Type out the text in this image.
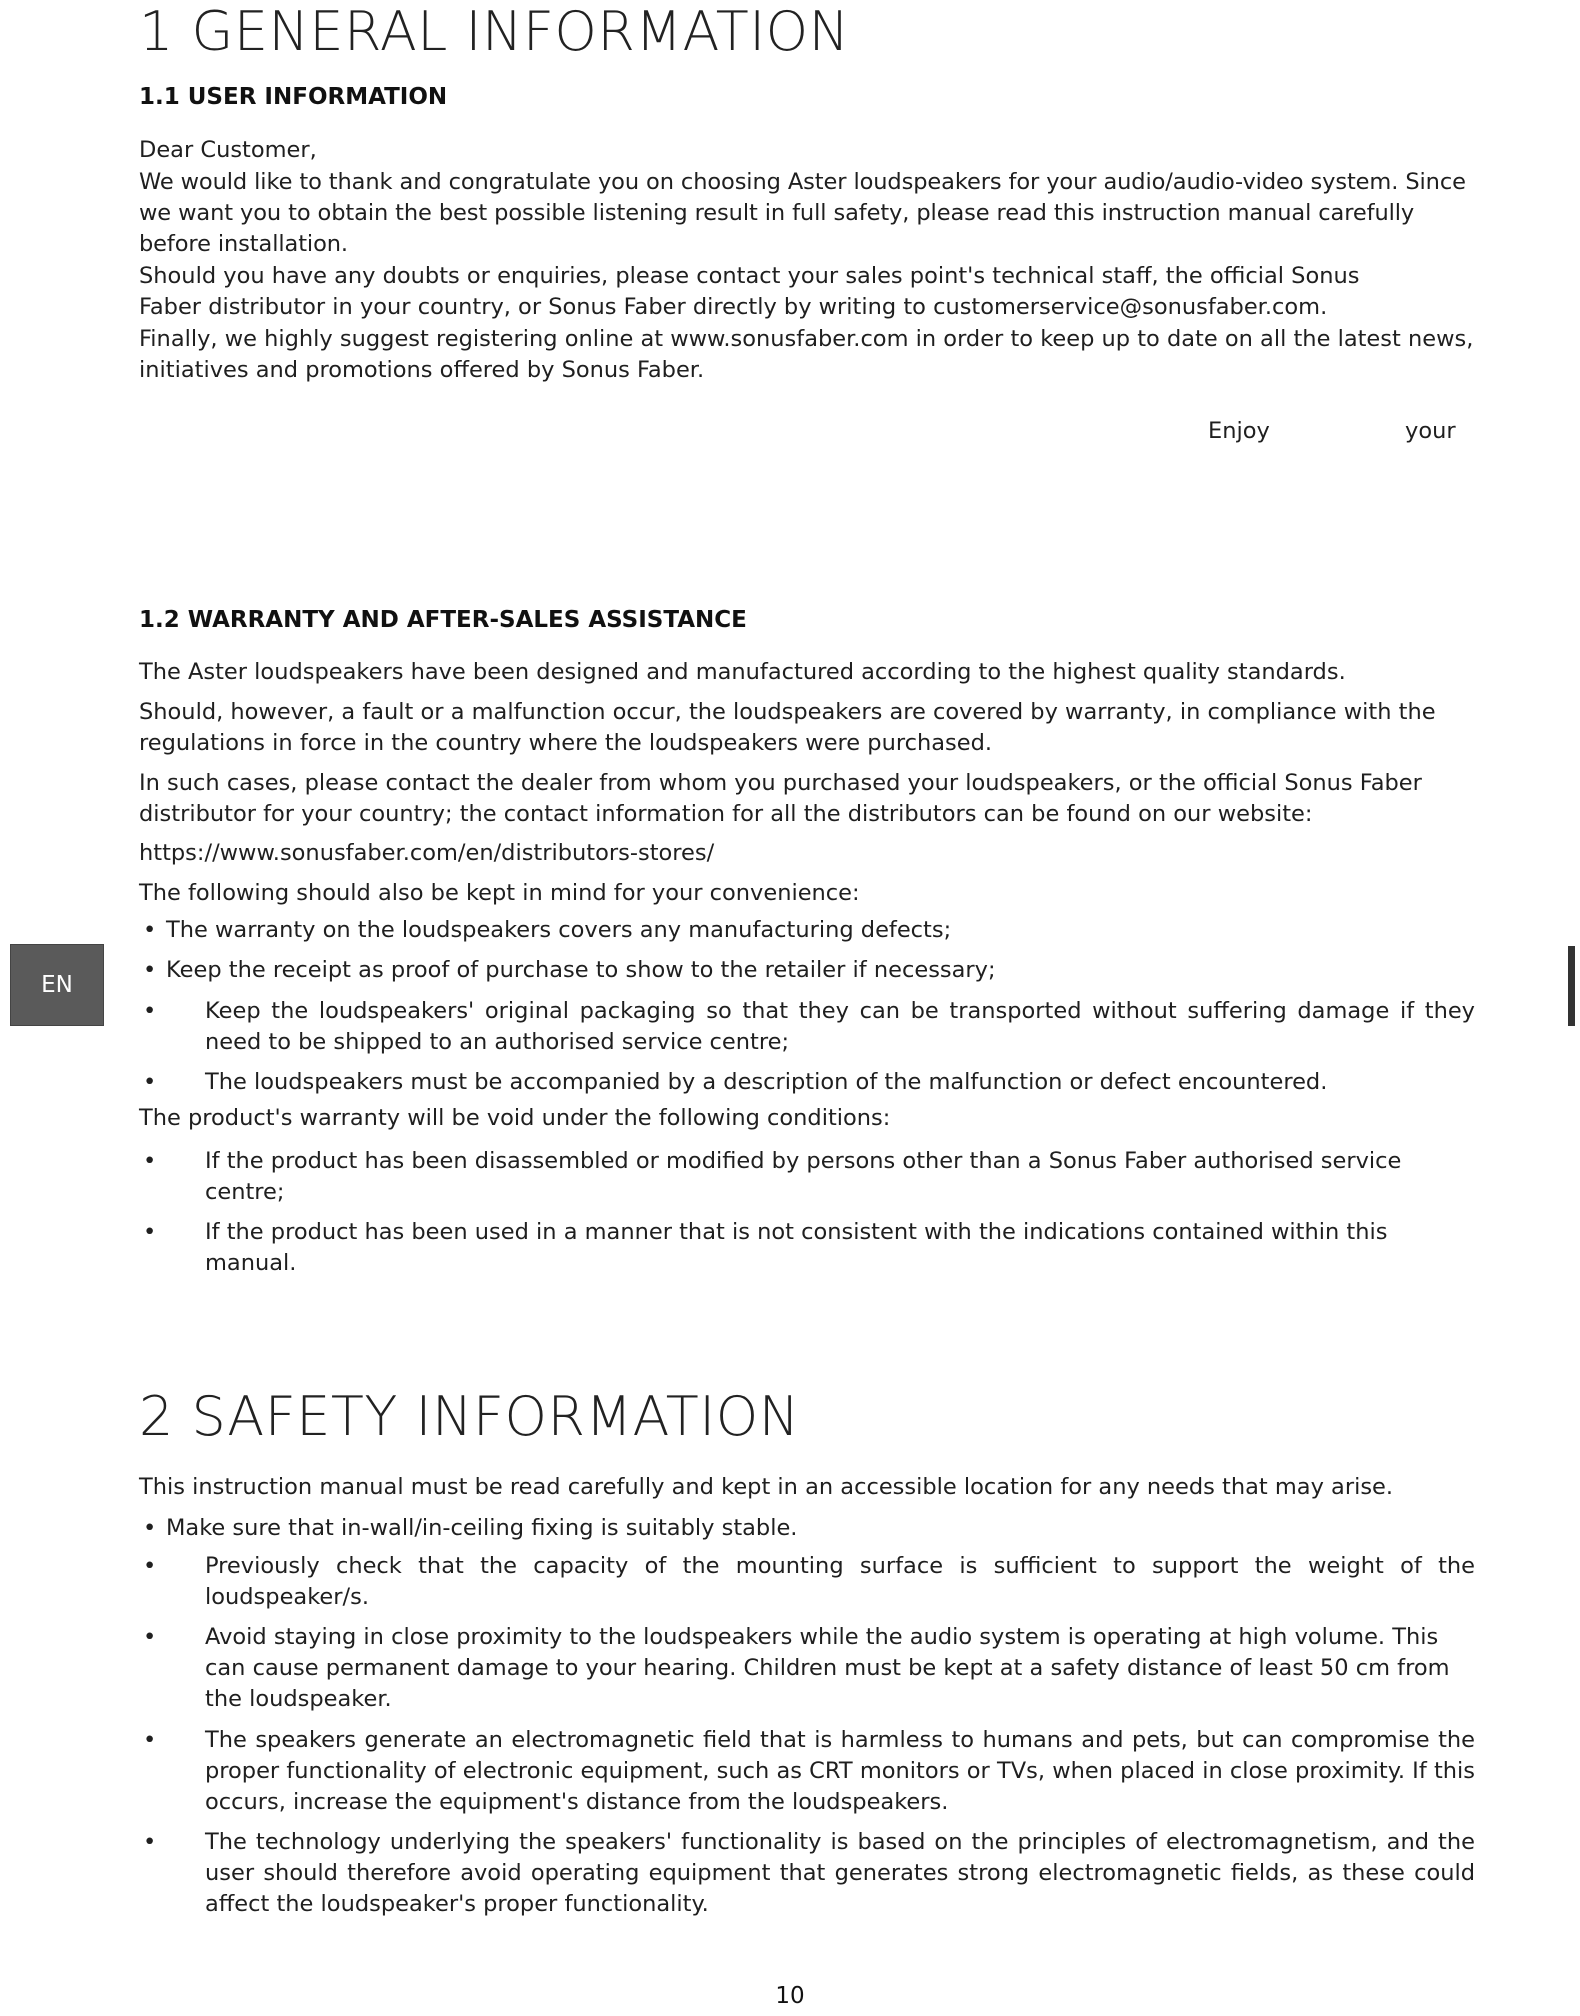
EN
1 GENERAL INFORMATION
1.1 USER INFORMATION

Dear Customer,

We would like to thank and congratulate you on choosing Aster loudspeakers for your audio/audio-video system. Since we want you to obtain the best possible listening result in full safety, please read this instruction manual carefully before installation.

Should you have any doubts or enquiries, please contact your sales point's technical staff, the official Sonus Faber distributor in your country, or Sonus Faber directly by writing to customerservice@sonusfaber.com.

Finally, we highly suggest registering online at www.sonusfaber.com in order to keep up to date on all the latest news, initiatives and promotions offered by Sonus Faber.

Enjoy	your
1.2 WARRANTY AND AFTER-SALES ASSISTANCE

The Aster loudspeakers have been designed and manufactured according to the highest quality standards.

Should, however, a fault or a malfunction occur, the loudspeakers are covered by warranty, in compliance with the regulations in force in the country where the loudspeakers were purchased.

In such cases, please contact the dealer from whom you purchased your loudspeakers, or the official Sonus Faber distributor for your country; the contact information for all the distributors can be found on our website:

https://www.sonusfaber.com/en/distributors-stores/

The following should also be kept in mind for your convenience:

• The warranty on the loudspeakers covers any manufacturing defects;
• Keep the receipt as proof of purchase to show to the retailer if necessary;
• Keep the loudspeakers' original packaging so that they can be transported without suffering damage if they need to be shipped to an authorised service centre;
• The loudspeakers must be accompanied by a description of the malfunction or defect encountered.

The product's warranty will be void under the following conditions:

• If the product has been disassembled or modified by persons other than a Sonus Faber authorised service centre;
• If the product has been used in a manner that is not consistent with the indications contained within this manual.
2 SAFETY INFORMATION

This instruction manual must be read carefully and kept in an accessible location for any needs that may arise.

• Make sure that in-wall/in-ceiling fixing is suitably stable.
• Previously check that the capacity of the mounting surface is sufficient to support the weight of the loudspeaker/s.
• Avoid staying in close proximity to the loudspeakers while the audio system is operating at high volume. This can cause permanent damage to your hearing. Children must be kept at a safety distance of least 50 cm from the loudspeaker.
• The speakers generate an electromagnetic field that is harmless to humans and pets, but can compromise the proper functionality of electronic equipment, such as CRT monitors or TVs, when placed in close proximity. If this occurs, increase the equipment's distance from the loudspeakers.
• The technology underlying the speakers' functionality is based on the principles of electromagnetism, and the user should therefore avoid operating equipment that generates strong electromagnetic fields, as these could affect the loudspeaker's proper functionality.
10
